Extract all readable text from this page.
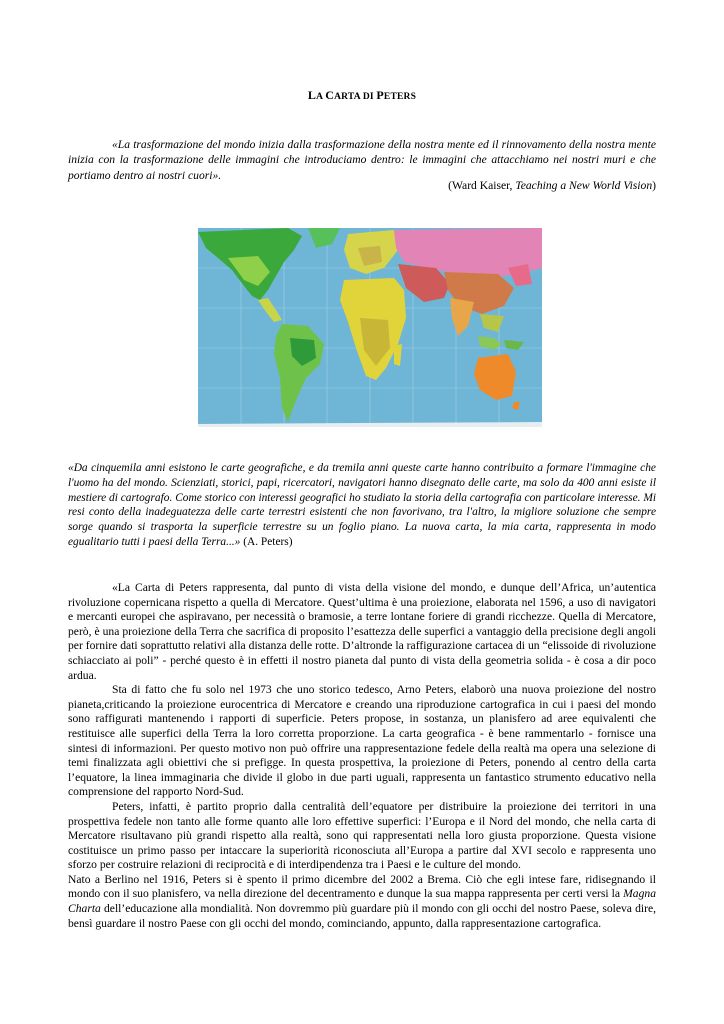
LA CARTA DI PETERS
«La trasformazione del mondo inizia dalla trasformazione della nostra mente ed il rinnovamento della nostra mente inizia con la trasformazione delle immagini che introduciamo dentro: le immagini che attacchiamo nei nostri muri e che portiamo dentro ai nostri cuori».
(Ward Kaiser, Teaching a New World Vision)
«Da cinquemila anni esistono le carte geografiche, e da tremila anni queste carte hanno contribuito a formare l'immagine che l'uomo ha del mondo. Scienziati, storici, papi, ricercatori, navigatori hanno disegnato delle carte, ma solo da 400 anni esiste il mestiere di cartografo. Come storico con interessi geografici ho studiato la storia della cartografia con particolare interesse. Mi resi conto della inadeguatezza delle carte terrestri esistenti che non favorivano, tra l'altro, la migliore soluzione che sempre sorge quando si trasporta la superficie terrestre su un foglio piano. La nuova carta, la mia carta, rappresenta in modo egualitario tutti i paesi della Terra...» (A. Peters)

«La Carta di Peters rappresenta, dal punto di vista della visione del mondo, e dunque dell’Africa, un’autentica rivoluzione copernicana rispetto a quella di Mercatore. Quest’ultima è una proiezione, elaborata nel 1596, a uso di navigatori e mercanti europei che aspiravano, per necessità o bramosie, a terre lontane foriere di grandi ricchezze. Quella di Mercatore, però, è una proiezione della Terra che sacrifica di proposito l’esattezza delle superfici a vantaggio della precisione degli angoli per fornire dati soprattutto relativi alla distanza delle rotte. D’altronde la raffigurazione cartacea di un “elissoide di rivoluzione schiacciato ai poli” - perché questo è in effetti il nostro pianeta dal punto di vista della geometria solida - è cosa a dir poco ardua.

Sta di fatto che fu solo nel 1973 che uno storico tedesco, Arno Peters, elaborò una nuova proiezione del nostro pianeta,criticando la proiezione eurocentrica di Mercatore e creando una riproduzione cartografica in cui i paesi del mondo sono raffigurati mantenendo i rapporti di superficie. Peters propose, in sostanza, un planisfero ad aree equivalenti che restituisce alle superfici della Terra la loro corretta proporzione. La carta geografica - è bene rammentarlo - fornisce una sintesi di informazioni. Per questo motivo non può offrire una rappresentazione fedele della realtà ma opera una selezione di temi finalizzata agli obiettivi che si prefigge. In questa prospettiva, la proiezione di Peters, ponendo al centro della carta l’equatore, la linea immaginaria che divide il globo in due parti uguali, rappresenta un fantastico strumento educativo nella comprensione del rapporto Nord-Sud.

Peters, infatti, è partito proprio dalla centralità dell’equatore per distribuire la proiezione dei territori in una prospettiva fedele non tanto alle forme quanto alle loro effettive superfici: l’Europa e il Nord del mondo, che nella carta di Mercatore risultavano più grandi rispetto alla realtà, sono qui rappresentati nella loro giusta proporzione. Questa visione costituisce un primo passo per intaccare la superiorità riconosciuta all’Europa a partire dal XVI secolo e rappresenta uno sforzo per costruire relazioni di reciprocità e di interdipendenza tra i Paesi e le culture del mondo.

Nato a Berlino nel 1916, Peters si è spento il primo dicembre del 2002 a Brema. Ciò che egli intese fare, ridisegnando il mondo con il suo planisfero, va nella direzione del decentramento e dunque la sua mappa rappresenta per certi versi la Magna Charta dell’educazione alla mondialità. Non dovremmo più guardare più il mondo con gli occhi del nostro Paese, soleva dire, bensì guardare il nostro Paese con gli occhi del mondo, cominciando, appunto, dalla rappresentazione cartografica.
